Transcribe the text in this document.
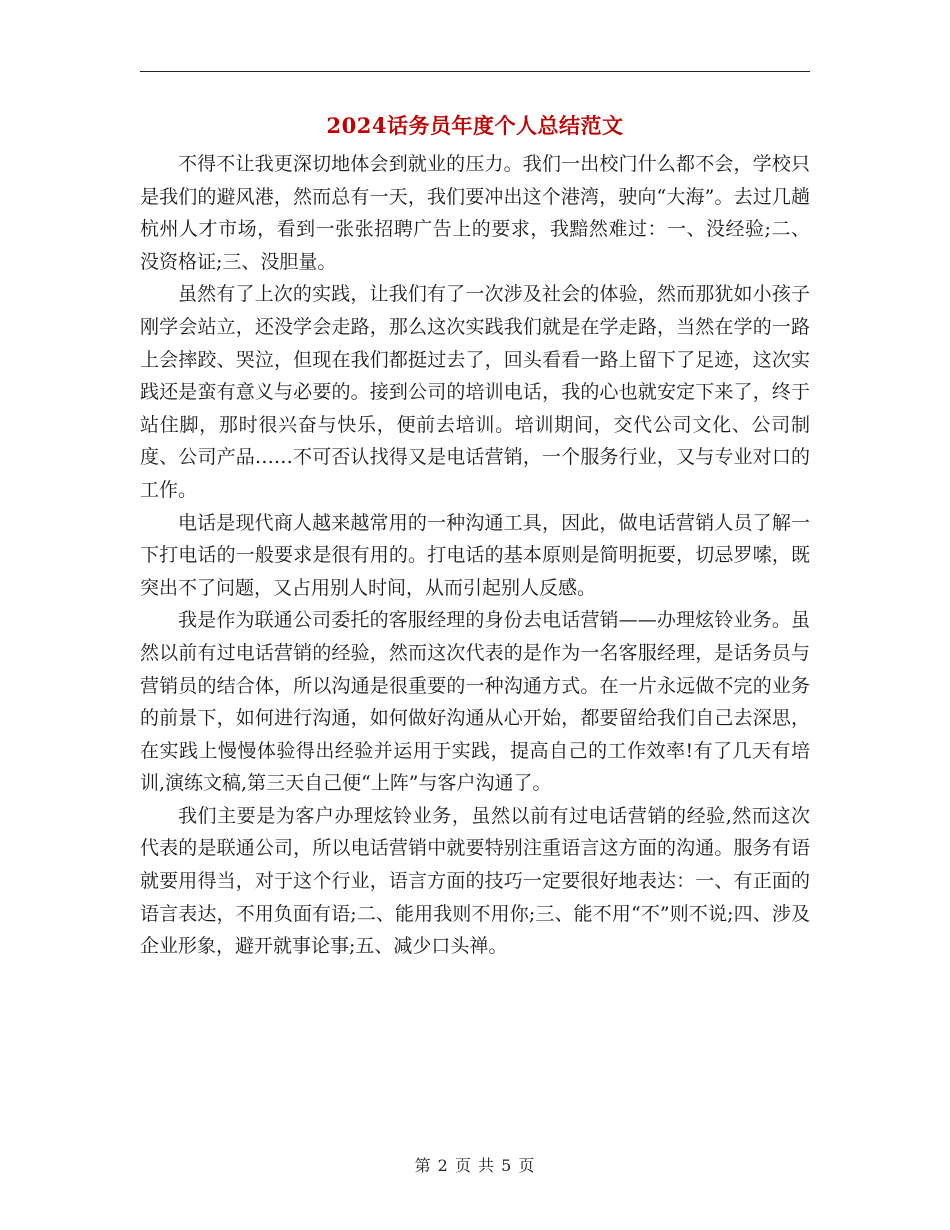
2024话务员年度个人总结范文

不得不让我更深切地体会到就业的压力。我们一出校门什么都不会，学校只是我们的避风港，然而总有一天，我们要冲出这个港湾，驶向“大海”。去过几趟杭州人才市场，看到一张张招聘广告上的要求，我黯然难过：一、没经验;二、没资格证;三、没胆量。

虽然有了上次的实践，让我们有了一次涉及社会的体验，然而那犹如小孩子刚学会站立，还没学会走路，那么这次实践我们就是在学走路，当然在学的一路上会摔跤、哭泣，但现在我们都挺过去了，回头看看一路上留下了足迹，这次实践还是蛮有意义与必要的。接到公司的培训电话，我的心也就安定下来了，终于站住脚，那时很兴奋与快乐，便前去培训。培训期间，交代公司文化、公司制度、公司产品……不可否认找得又是电话营销，一个服务行业，又与专业对口的工作。

电话是现代商人越来越常用的一种沟通工具，因此，做电话营销人员了解一下打电话的一般要求是很有用的。打电话的基本原则是简明扼要，切忌罗嗦，既突出不了问题，又占用别人时间，从而引起别人反感。

我是作为联通公司委托的客服经理的身份去电话营销——办理炫铃业务。虽然以前有过电话营销的经验，然而这次代表的是作为一名客服经理，是话务员与营销员的结合体，所以沟通是很重要的一种沟通方式。在一片永远做不完的业务的前景下，如何进行沟通，如何做好沟通从心开始，都要留给我们自己去深思，在实践上慢慢体验得出经验并运用于实践，提高自己的工作效率!有了几天有培训,演练文稿,第三天自己便“上阵”与客户沟通了。

我们主要是为客户办理炫铃业务，虽然以前有过电话营销的经验,然而这次代表的是联通公司，所以电话营销中就要特别注重语言这方面的沟通。服务有语就要用得当，对于这个行业，语言方面的技巧一定要很好地表达：一、有正面的语言表达，不用负面有语;二、能用我则不用你;三、能不用“不”则不说;四、涉及企业形象，避开就事论事;五、减少口头禅。

第 2 页 共 5 页
